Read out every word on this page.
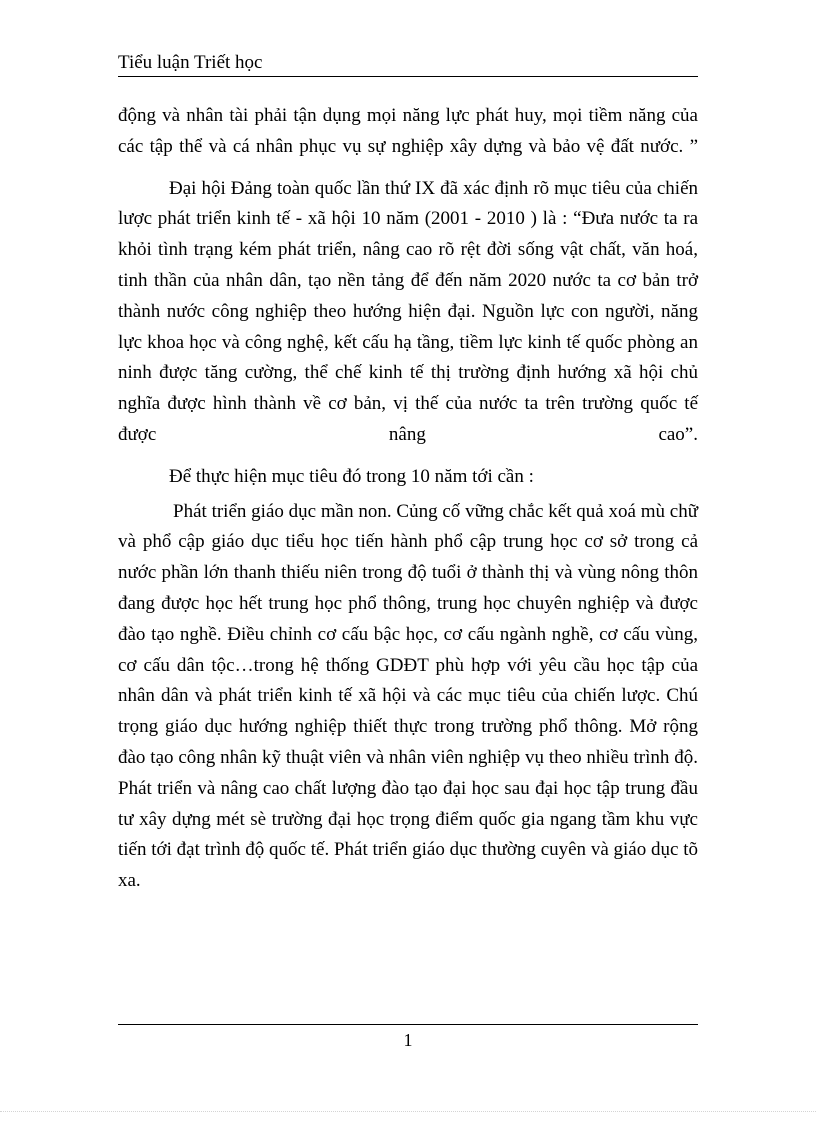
Tiểu luận Triết học

động và nhân tài phải tận dụng mọi năng lực phát huy, mọi tiềm năng của các tập thể và cá nhân phục vụ sự nghiệp xây dựng và bảo vệ đất nước. ”

Đại hội Đảng toàn quốc lần thứ IX đã xác định rõ mục tiêu của chiến lược phát triển kinh tế - xã hội 10 năm (2001 - 2010 ) là : “Đưa nước ta ra khỏi tình trạng kém phát triển, nâng cao rõ rệt đời sống vật chất, văn hoá, tinh thần của nhân dân, tạo nền tảng để đến năm 2020 nước ta cơ bản trở thành nước công nghiệp theo hướng hiện đại. Nguồn lực con người, năng lực khoa học và công nghệ, kết cấu hạ tầng, tiềm lực kinh tế quốc phòng an ninh được tăng cường, thể chế kinh tế thị trường định hướng xã hội chủ nghĩa được hình thành về cơ bản, vị thế của nước ta trên trường quốc tế được nâng cao”.

Để thực hiện mục tiêu đó trong 10 năm tới cần :

Phát triển giáo dục mần non. Củng cố vững chắc kết quả xoá mù chữ và phổ cập giáo dục tiểu học tiến hành phổ cập trung học cơ sở trong cả nước phần lớn thanh thiếu niên trong độ tuổi ở thành thị và vùng nông thôn đang được học hết trung học phổ thông, trung học chuyên nghiệp và được đào tạo nghề. Điều chỉnh cơ cấu bậc học, cơ cấu ngành nghề, cơ cấu vùng, cơ cấu dân tộc…trong hệ thống GDĐT phù hợp với yêu cầu học tập của nhân dân và phát triển kinh tế xã hội và các mục tiêu của chiến lược. Chú trọng giáo dục hướng nghiệp thiết thực trong trường phổ thông. Mở rộng đào tạo công nhân kỹ thuật viên và nhân viên nghiệp vụ theo nhiều trình độ. Phát triển và nâng cao chất lượng đào tạo đại học sau đại học tập trung đầu tư xây dựng mét sè trường đại học trọng điểm quốc gia ngang tầm khu vực tiến tới đạt trình độ quốc tế. Phát triển giáo dục thường cuyên và giáo dục tõ xa.

1
